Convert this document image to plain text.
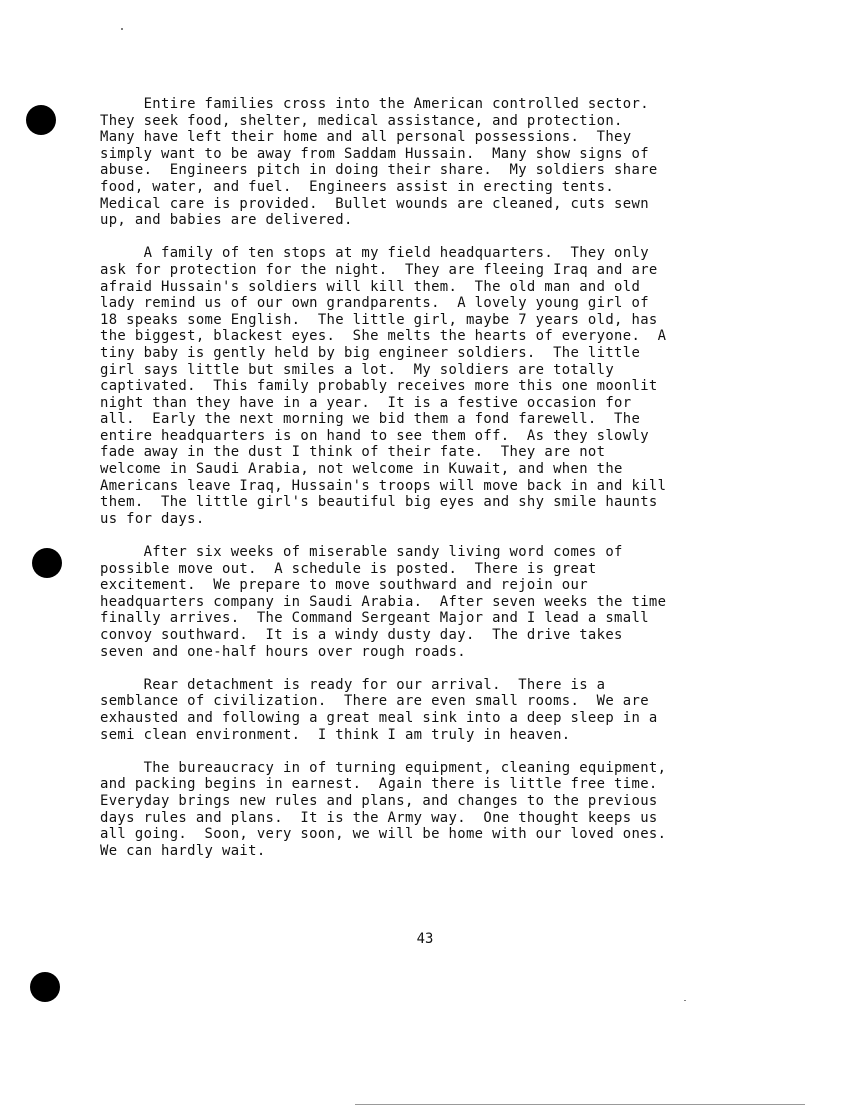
Entire families cross into the American controlled sector.
They seek food, shelter, medical assistance, and protection.
Many have left their home and all personal possessions.  They
simply want to be away from Saddam Hussain.  Many show signs of
abuse.  Engineers pitch in doing their share.  My soldiers share
food, water, and fuel.  Engineers assist in erecting tents.
Medical care is provided.  Bullet wounds are cleaned, cuts sewn
up, and babies are delivered.

A family of ten stops at my field headquarters.  They only
ask for protection for the night.  They are fleeing Iraq and are
afraid Hussain's soldiers will kill them.  The old man and old
lady remind us of our own grandparents.  A lovely young girl of
18 speaks some English.  The little girl, maybe 7 years old, has
the biggest, blackest eyes.  She melts the hearts of everyone.  A
tiny baby is gently held by big engineer soldiers.  The little
girl says little but smiles a lot.  My soldiers are totally
captivated.  This family probably receives more this one moonlit
night than they have in a year.  It is a festive occasion for
all.  Early the next morning we bid them a fond farewell.  The
entire headquarters is on hand to see them off.  As they slowly
fade away in the dust I think of their fate.  They are not
welcome in Saudi Arabia, not welcome in Kuwait, and when the
Americans leave Iraq, Hussain's troops will move back in and kill
them.  The little girl's beautiful big eyes and shy smile haunts
us for days.

After six weeks of miserable sandy living word comes of
possible move out.  A schedule is posted.  There is great
excitement.  We prepare to move southward and rejoin our
headquarters company in Saudi Arabia.  After seven weeks the time
finally arrives.  The Command Sergeant Major and I lead a small
convoy southward.  It is a windy dusty day.  The drive takes
seven and one-half hours over rough roads.

Rear detachment is ready for our arrival.  There is a
semblance of civilization.  There are even small rooms.  We are
exhausted and following a great meal sink into a deep sleep in a
semi clean environment.  I think I am truly in heaven.

The bureaucracy in of turning equipment, cleaning equipment,
and packing begins in earnest.  Again there is little free time.
Everyday brings new rules and plans, and changes to the previous
days rules and plans.  It is the Army way.  One thought keeps us
all going.  Soon, very soon, we will be home with our loved ones.
We can hardly wait.

43
